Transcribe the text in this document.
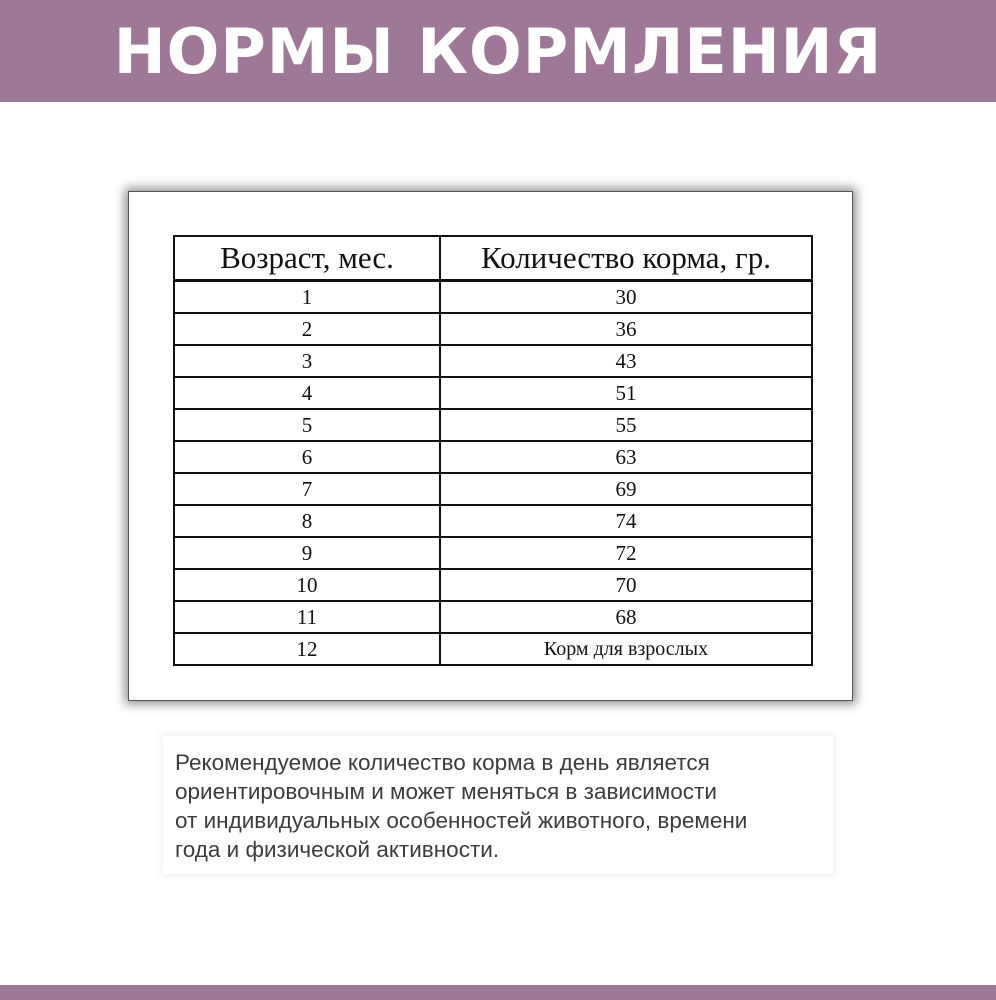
НОРМЫ КОРМЛЕНИЯ
Возраст, мес.	Количество корма, гр.
1	30
2	36
3	43
4	51
5	55
6	63
7	69
8	74
9	72
10	70
11	68
12	Корм для взрослых
Рекомендуемое количество корма в день является
ориентировочным и может меняться в зависимости
от индивидуальных особенностей животного, времени
года и физической активности.
